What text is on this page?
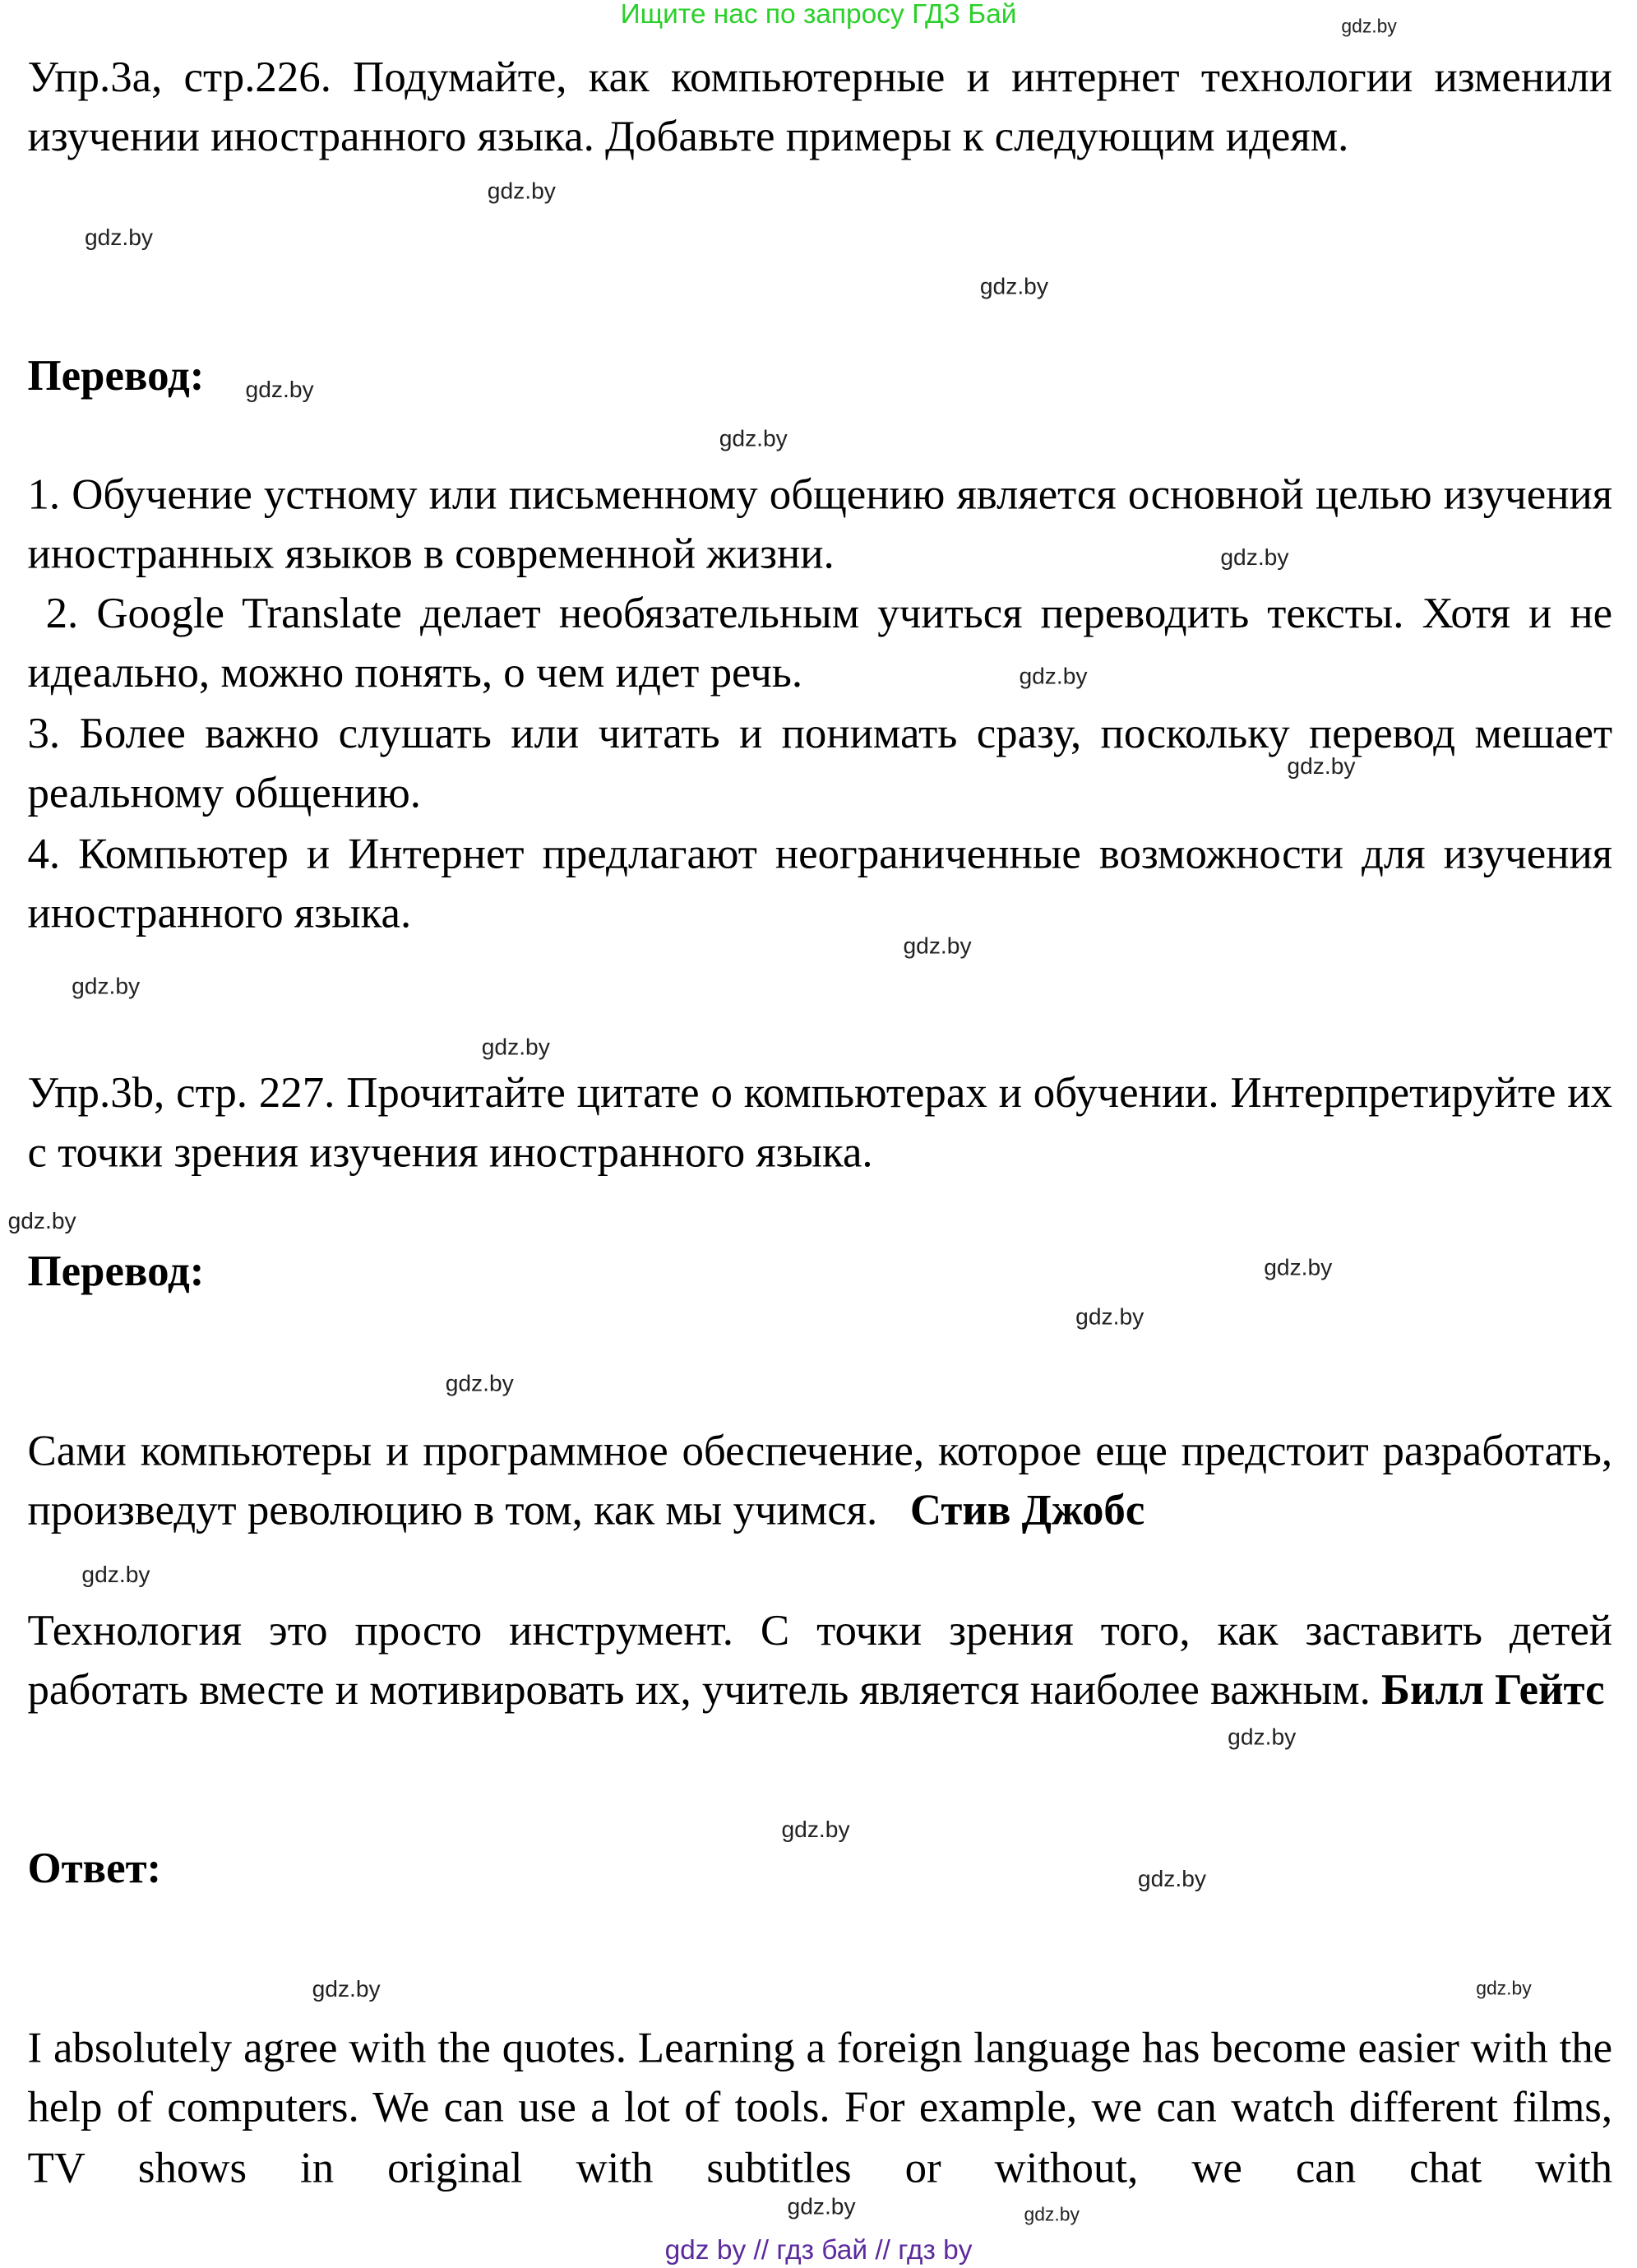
Ищите нас по запросу ГДЗ Бай

Упр.3a, стр.226. Подумайте, как компьютерные и интернет технологии изменили изучении иностранного языка. Добавьте примеры к следующим идеям.

Перевод:

1. Обучение устному или письменному общению является основной целью изучения иностранных языков в современной жизни.

2. Google Translate делает необязательным учиться переводить тексты. Хотя и не идеально, можно понять, о чем идет речь.

3. Более важно слушать или читать и понимать сразу, поскольку перевод мешает реальному общению.

4. Компьютер и Интернет предлагают неограниченные возможности для изучения иностранного языка.

Упр.3b, стр. 227. Прочитайте цитате о компьютерах и обучении. Интерпретируйте их с точки зрения изучения иностранного языка.

Перевод:

Сами компьютеры и программное обеспечение, которое еще предстоит разработать, произведут революцию в том, как мы учимся. Стив Джобс

Технология это просто инструмент. С точки зрения того, как заставить детей работать вместе и мотивировать их, учитель является наиболее важным. Билл Гейтс

Ответ:

I absolutely agree with the quotes. Learning a foreign language has become easier with the help of computers. We can use a lot of tools. For example, we can watch different films, TV shows in original with subtitles or without, we can chat with

gdz.by
gdz.by
gdz.by
gdz.by
gdz.by
gdz.by
gdz.by
gdz.by
gdz.by
gdz.by
gdz.by
gdz.by
gdz.by
gdz.by
gdz.by
gdz.by
gdz.by
gdz.by
gdz.by
gdz.by
gdz.by	gdz.by
gdz.by
gdz.by
gdz by // гдз бай // гдз by
